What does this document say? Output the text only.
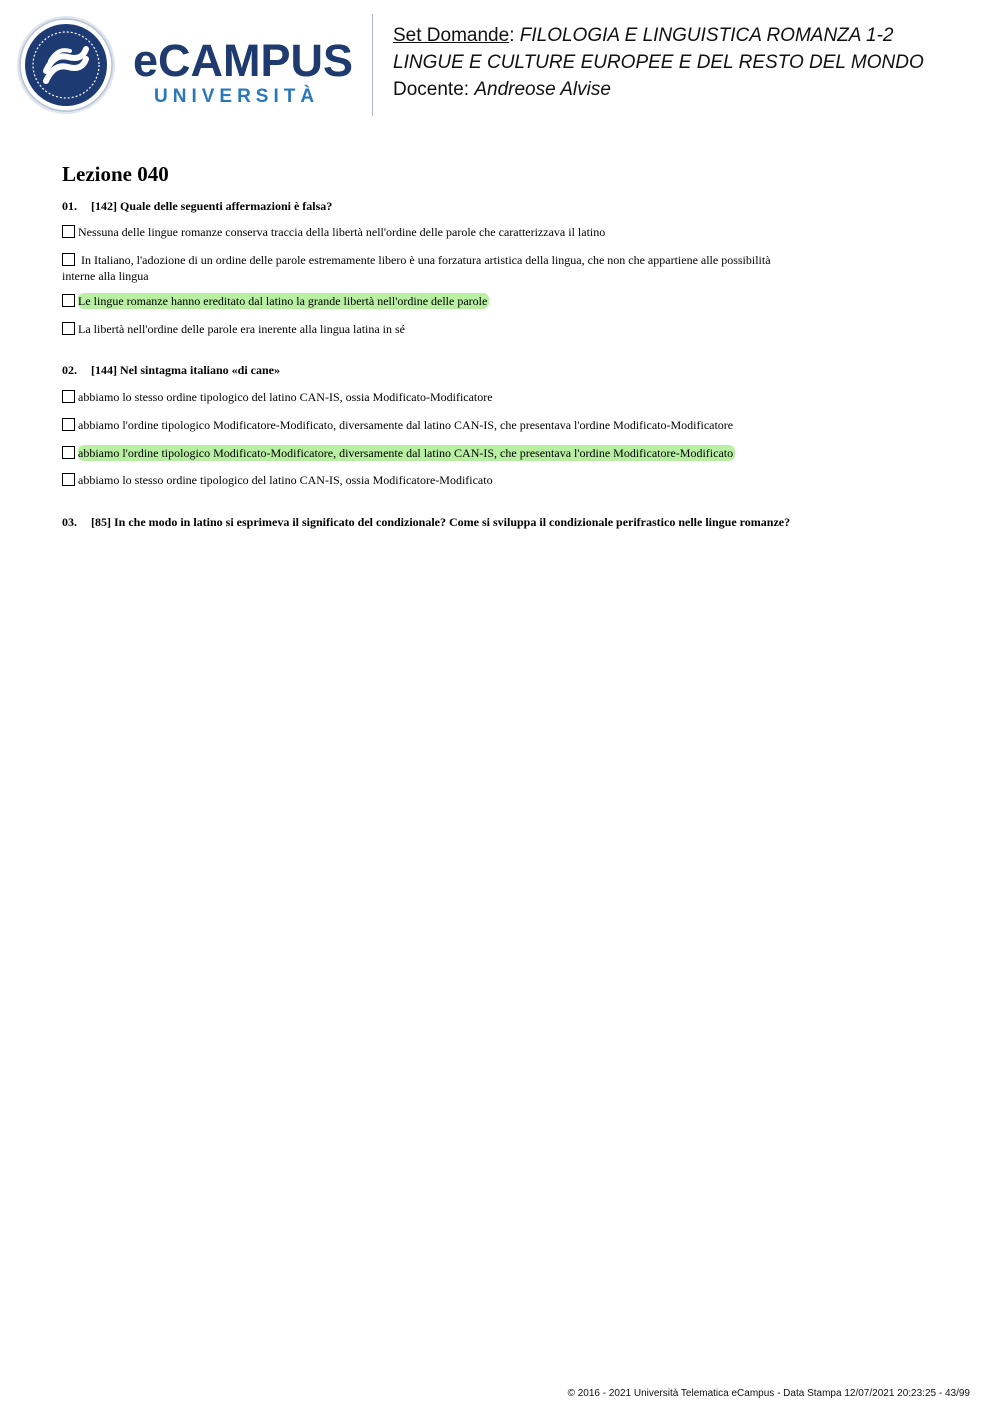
eCAMPUS
UNIVERSITÀ
Set Domande: FILOLOGIA E LINGUISTICA ROMANZA 1-2
LINGUE E CULTURE EUROPEE E DEL RESTO DEL MONDO
Docente: Andreose Alvise
Lezione 040
01. [142] Quale delle seguenti affermazioni è falsa?
Nessuna delle lingue romanze conserva traccia della libertà nell'ordine delle parole che caratterizzava il latino
In Italiano, l'adozione di un ordine delle parole estremamente libero è una forzatura artistica della lingua, che non che appartiene alle possibilità
interne alla lingua
Le lingue romanze hanno ereditato dal latino la grande libertà nell'ordine delle parole
La libertà nell'ordine delle parole era inerente alla lingua latina in sé
02. [144] Nel sintagma italiano «di cane»
abbiamo lo stesso ordine tipologico del latino CAN-IS, ossia Modificato-Modificatore
abbiamo l'ordine tipologico Modificatore-Modificato, diversamente dal latino CAN-IS, che presentava l'ordine Modificato-Modificatore
abbiamo l'ordine tipologico Modificato-Modificatore, diversamente dal latino CAN-IS, che presentava l'ordine Modificatore-Modificato
abbiamo lo stesso ordine tipologico del latino CAN-IS, ossia Modificatore-Modificato
03. [85] In che modo in latino si esprimeva il significato del condizionale? Come si sviluppa il condizionale perifrastico nelle lingue romanze?
© 2016 - 2021 Università Telematica eCampus - Data Stampa 12/07/2021 20:23:25 - 43/99
